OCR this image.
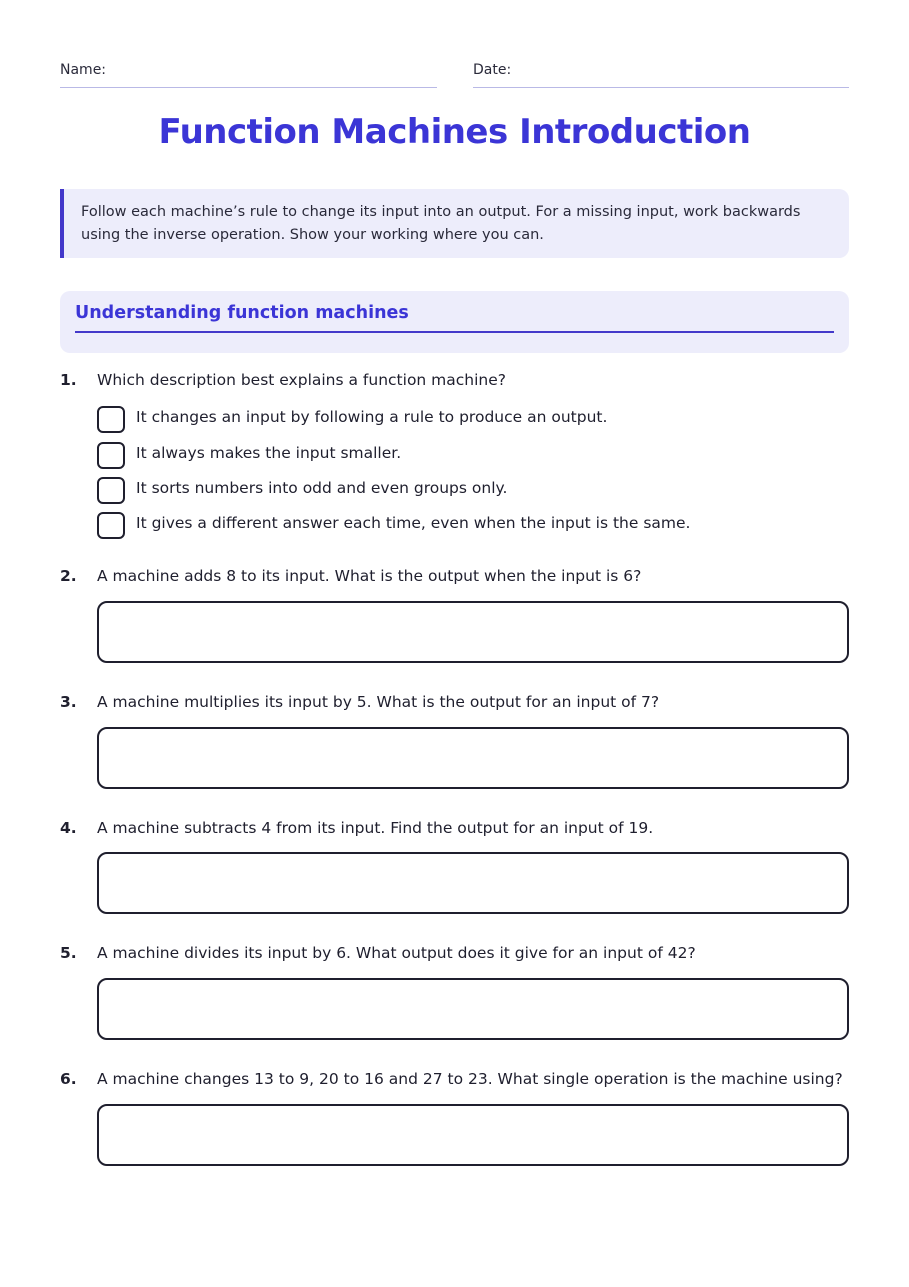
Name:	Date:
Function Machines Introduction
Follow each machine’s rule to change its input into an output. For a missing input, work backwards using the inverse operation. Show your working where you can.
Understanding function machines
1. Which description best explains a function machine?
It changes an input by following a rule to produce an output.
It always makes the input smaller.
It sorts numbers into odd and even groups only.
It gives a different answer each time, even when the input is the same.
2. A machine adds 8 to its input. What is the output when the input is 6?
3. A machine multiplies its input by 5. What is the output for an input of 7?
4. A machine subtracts 4 from its input. Find the output for an input of 19.
5. A machine divides its input by 6. What output does it give for an input of 42?
6. A machine changes 13 to 9, 20 to 16 and 27 to 23. What single operation is the machine using?
